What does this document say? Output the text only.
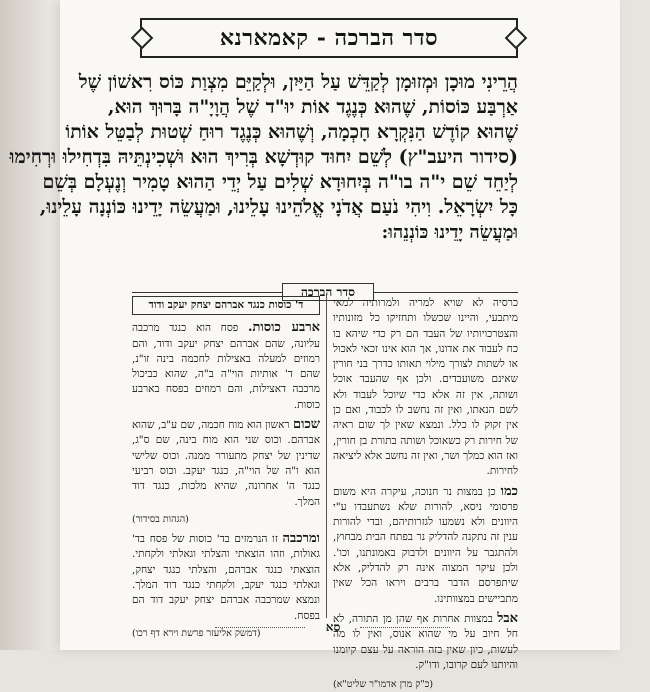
סדר הברכה - קאמארנא
הֲרֵינִי מוּכָן וּמְזוּמָן לְקַדֵּשׁ עַל הַיַּיִן, וּלְקַיֵּם מִצְוַת כּוֹס רִאשׁוֹן שֶׁל
אַרְבַּע כּוֹסוֹת, שֶׁהוּא כְּנֶגֶד אוֹת יוּ"ד שֶׁל הֲוָיָ"ה בָּרוּךְ הוּא,
שֶׁהוּא קוֹדֶשׁ הַנִּקְרָא חָכְמָה, וְשֶׁהוּא כְּנֶגֶד רוּחַ שְׁטוּת לְבַטֵּל אוֹתוֹ
(סידור היעב"ץ) לְשֵׁם יִחוּד קוּדְשָׁא בְּרִיךְ הוּא וּשְׁכִינְתֵּיהּ בִּדְחִילוּ וּרְחִימוּ
לְיַחֵד שֵׁם י"ה בו"ה בְּיִחוּדָא שְׁלִים עַל יְדֵי הַהוּא טָמִיר וְנֶעְלָם בְּשֵׁם
כָּל יִשְׂרָאֵל. וִיהִי נֹעַם אֲדֹנָי אֱלֹהֵינוּ עָלֵינוּ, וּמַעֲשֵׂה יָדֵינוּ כּוֹנְנָה עָלֵינוּ,
וּמַעֲשֵׂה יָדֵינוּ כּוֹנְנֵהוּ:
סדר הברכה

כרסיה לא שויא למריה ולמרותיה למאי מיתבעי, והיינו שכשלו ותחזיקו כל מזונותיו והצטרכויותיו של העבד הם רק כדי שיהא בו כח לעבוד את אדונו, אך הוא אינו זכאי לאכול או לשתות לצורך מילוי תאותו כדרך בני חורין שאינם משועבדים. ולכן אף שהעבד אוכל ושותה, אין זה אלא כדי שיוכל לעבוד ולא לשם הנאתו, ואין זה נחשב לו לכבוד, ואם כן אין זקוק לו כלל. ונמצא שאין לך שום ראיה של חירות רק כשאוכל ושותה בתורת בן חורין, ואז הוא כמלך ושר, ואין זה נחשב אלא ליציאה לחירות.

כמו כן במצות נר חנוכה, עיקרה היא משום פרסומי ניסא, להורות שלא נשתעבדו ע"י היוונים ולא נשמעו לגזרותיהם, ובדי להורות ענין זה נתקנה להדליק נר בפתח הבית מבחוץ, ולהתגבר על היוונים ולדבוק באמונתנו, וכו'. ולכן עיקר המצוה אינה רק להדליק, אלא שיתפרסם הדבר ברבים ויראו הכל שאין מתביישים במצוותינו.

אבל במצוות אחרות אף שהן מן התורה, לא חל חיוב על מי שהוא אנוס, ואין לו מה לעשות, כיון שאין בזה הוראה על עצם קיומנו והיותנו לעם קרובו, ודו"ק.

(כ"ק מרן אדמו"ר שליט"א)
ד' כוסות כנגד אברהם יצחק יעקב ודוד

ארבע כוסות. פסח הוא כנגד מרכבה עליונה, שהם אברהם יצחק יעקב ודוד, והם רמוזים למעלה באצילות לחכמה בינה זו"נ, שהם ד' אותיות הוי"ה ב"ה, שהוא כביכול מרכבה דאצילות, והם רמוזים בפסח בארבע כוסות.

שכום ראשון הוא מוח חכמה, שם ע"ב, שהוא אברהם. וכוס שני הוא מוח בינה, שם ס"ג, שדינין של יצחק מתעורר ממנה. וכוס שלישי הוא ו"ה של הוי"ה, כנגד יעקב. וכוס רביעי כנגד ה' אחרונה, שהיא מלכות, כנגד דוד המלך.
(הגהות בסידור)

ומרכבה זו הנרמזים בד' כוסות של פסח בד' גאולות, וזהו הוצאתי והצלתי וגאלתי ולקחתי. הוצאתי כנגד אברהם, והצלתי כנגד יצחק, וגאלתי כנגד יעקב, ולקחתי כנגד דוד המלך. ונמצא שמרכבה אברהם יצחק יעקב דוד הם בפסח.
(דמשק אליעזר פרשת וירא דף רכו)	סא
